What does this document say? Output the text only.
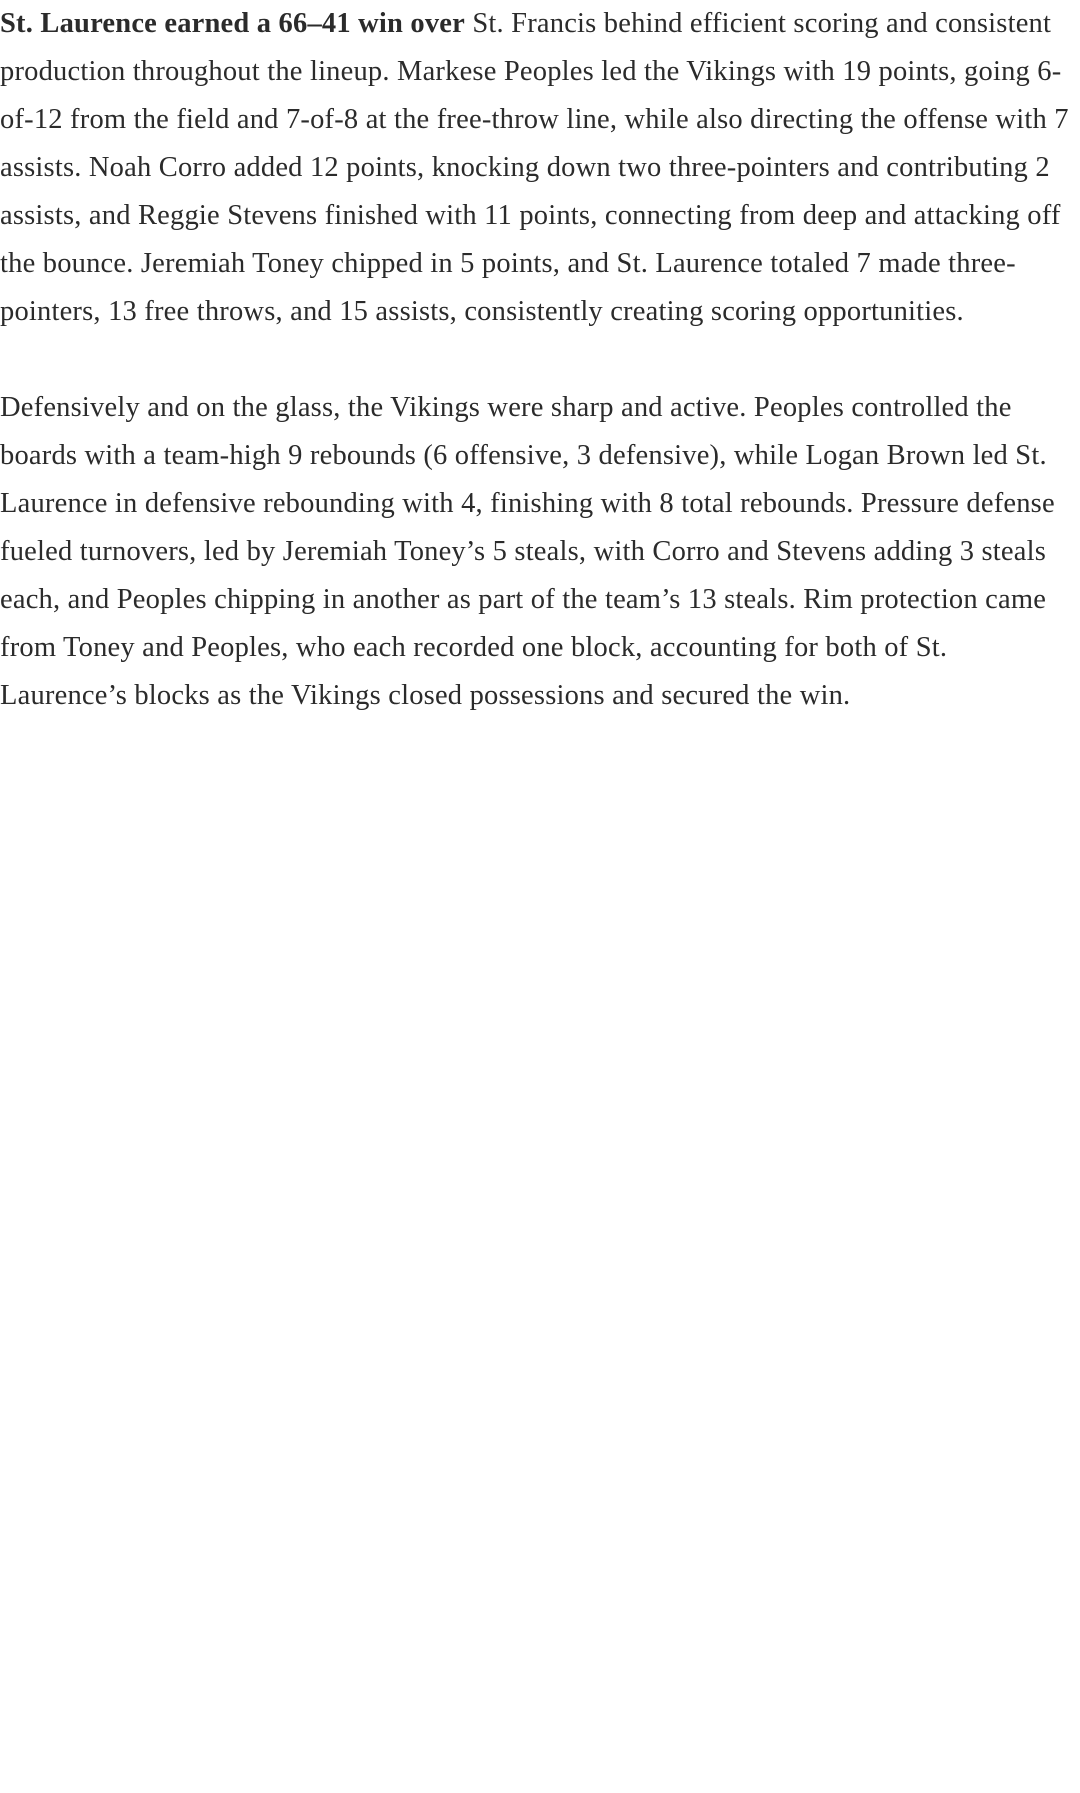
St. Laurence earned a 66–41 win over St. Francis behind efficient scoring and consistent production throughout the lineup. Markese Peoples led the Vikings with 19 points, going 6-of-12 from the field and 7-of-8 at the free-throw line, while also directing the offense with 7 assists. Noah Corro added 12 points, knocking down two three-pointers and contributing 2 assists, and Reggie Stevens finished with 11 points, connecting from deep and attacking off the bounce. Jeremiah Toney chipped in 5 points, and St. Laurence totaled 7 made three-pointers, 13 free throws, and 15 assists, consistently creating scoring opportunities.

Defensively and on the glass, the Vikings were sharp and active. Peoples controlled the boards with a team-high 9 rebounds (6 offensive, 3 defensive), while Logan Brown led St. Laurence in defensive rebounding with 4, finishing with 8 total rebounds. Pressure defense fueled turnovers, led by Jeremiah Toney’s 5 steals, with Corro and Stevens adding 3 steals each, and Peoples chipping in another as part of the team’s 13 steals. Rim protection came from Toney and Peoples, who each recorded one block, accounting for both of St. Laurence’s blocks as the Vikings closed possessions and secured the win.
